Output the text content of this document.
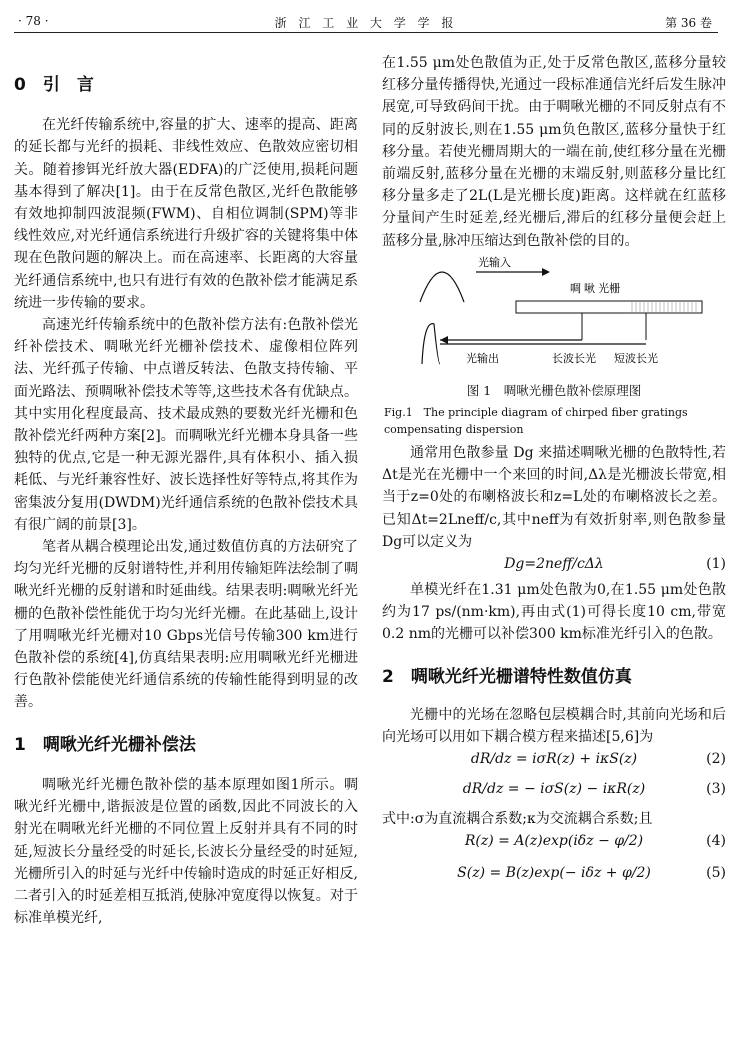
· 78 ·	浙 江 工 业 大 学 学 报	第 36 卷
0　引　言

在光纤传输系统中,容量的扩大、速率的提高、距离的延长都与光纤的损耗、非线性效应、色散效应密切相关。随着掺铒光纤放大器(EDFA)的广泛使用,损耗问题基本得到了解决[1]。由于在反常色散区,光纤色散能够有效地抑制四波混频(FWM)、自相位调制(SPM)等非线性效应,对光纤通信系统进行升级扩容的关键将集中体现在色散问题的解决上。而在高速率、长距离的大容量光纤通信系统中,也只有进行有效的色散补偿才能满足系统进一步传输的要求。

高速光纤传输系统中的色散补偿方法有:色散补偿光纤补偿技术、啁啾光纤光栅补偿技术、虚像相位阵列法、光纤孤子传输、中点谱反转法、色散支持传输、平面光路法、预啁啾补偿技术等等,这些技术各有优缺点。其中实用化程度最高、技术最成熟的要数光纤光栅和色散补偿光纤两种方案[2]。而啁啾光纤光栅本身具备一些独特的优点,它是一种无源光器件,具有体积小、插入损耗低、与光纤兼容性好、波长选择性好等特点,将其作为密集波分复用(DWDM)光纤通信系统的色散补偿技术具有很广阔的前景[3]。

笔者从耦合模理论出发,通过数值仿真的方法研究了均匀光纤光栅的反射谱特性,并利用传输矩阵法绘制了啁啾光纤光栅的反射谱和时延曲线。结果表明:啁啾光纤光栅的色散补偿性能优于均匀光纤光栅。在此基础上,设计了用啁啾光纤光栅对10 Gbps光信号传输300 km进行色散补偿的系统[4],仿真结果表明:应用啁啾光纤光栅进行色散补偿能使光纤通信系统的传输性能得到明显的改善。

1　啁啾光纤光栅补偿法

啁啾光纤光栅色散补偿的基本原理如图1所示。啁啾光纤光栅中,谐振波是位置的函数,因此不同波长的入射光在啁啾光纤光栅的不同位置上反射并具有不同的时延,短波长分量经受的时延长,长波长分量经受的时延短,光栅所引入的时延与光纤中传输时造成的时延正好相反,二者引入的时延差相互抵消,使脉冲宽度得以恢复。对于标准单模光纤,

在1.55 μm处色散值为正,处于反常色散区,蓝移分量较红移分量传播得快,光通过一段标准通信光纤后发生脉冲展宽,可导致码间干扰。由于啁啾光栅的不同反射点有不同的反射波长,则在1.55 μm负色散区,蓝移分量快于红移分量。若使光栅周期大的一端在前,使红移分量在光栅前端反射,蓝移分量在光栅的末端反射,则蓝移分量比红移分量多走了2L(L是光栅长度)距离。这样就在红蓝移分量间产生时延差,经光栅后,滞后的红移分量便会赶上蓝移分量,脉冲压缩达到色散补偿的目的。

光输入
啁 啾 光栅
光输出	长波长光 短波长光
图 1　啁啾光栅色散补偿原理图
Fig.1　The principle diagram of chirped fiber gratings compensating dispersion

通常用色散参量 Dg 来描述啁啾光栅的色散特性,若Δt是光在光栅中一个来回的时间,Δλ是光栅波长带宽,相当于z=0处的布喇格波长和z=L处的布喇格波长之差。已知Δt=2Lneff/c,其中neff为有效折射率,则色散参量Dg可以定义为

Dg=2neff/cΔλ	(1)

单模光纤在1.31 μm处色散为0,在1.55 μm处色散约为17 ps/(nm·km),再由式(1)可得长度10 cm,带宽0.2 nm的光栅可以补偿300 km标准光纤引入的色散。

2　啁啾光纤光栅谱特性数值仿真

光栅中的光场在忽略包层模耦合时,其前向光场和后向光场可以用如下耦合模方程来描述[5,6]为

dR/dz = iσR(z) + iκS(z)	(2)
dR/dz = − iσS(z) − iκR(z)	(3)

式中:σ为直流耦合系数;κ为交流耦合系数;且

R(z) = A(z)exp(iδz − φ/2)	(4)
S(z) = B(z)exp(− iδz + φ/2)	(5)
